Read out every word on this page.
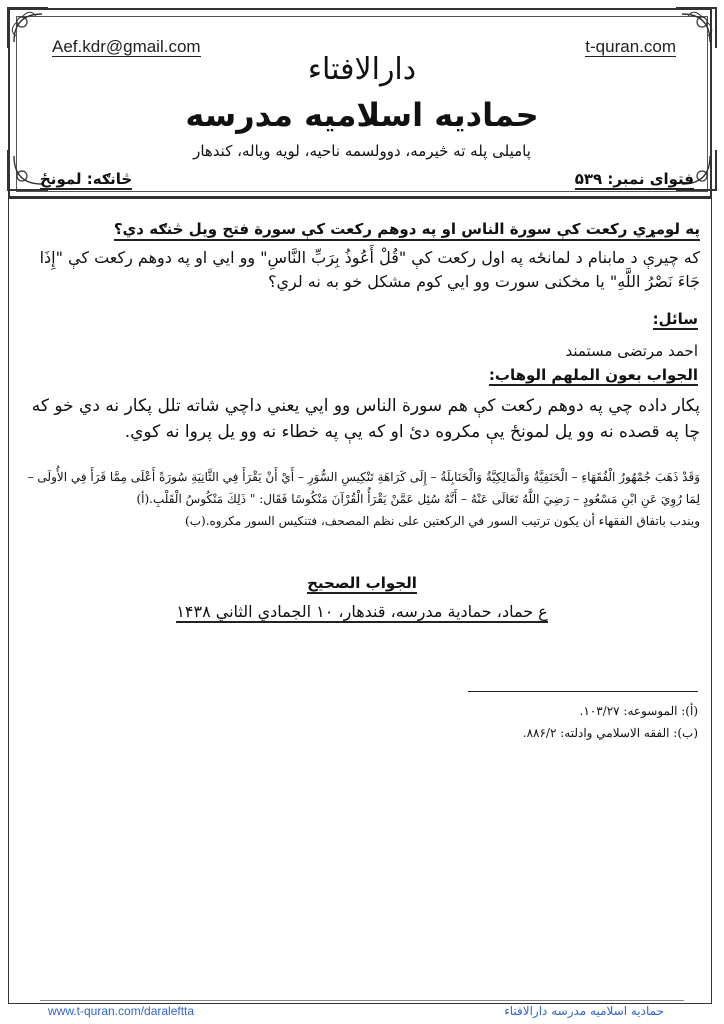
Aef.kdr@gmail.com	t-quran.com
دارالافتاء
حمادیه اسلامیه مدرسه
پامیلی پله ته څیرمه، دوولسمه ناحیه، لویه ویاله، کندهار
فتوای نمبر: ۵۳۹
څانګه: لمونځ
په لومړي رکعت کې سورة الناس او په دوهم رکعت کې سورة فتح ویل څنګه دي؟
که چیرې د مابنام د لمانځه په اول رکعت کې "قُلْ أَعُوذُ بِرَبِّ النَّاسِ" وو ایي او په دوهم رکعت کې "إِذَا جَاءَ نَصْرُ اللَّهِ" یا مخکنی سورت وو ایي کوم مشکل خو به نه لري؟
سائل:
احمد مرتضی مستمند
الجواب بعون الملهم الوهاب:
پکار داده چي په دوهم رکعت کې هم سورة الناس وو ایي یعني داچي شاته تلل پکار نه دي خو که چا په قصده نه وو یل لمونځ یې مکروه دئ او که یې په خطاء نه وو یل پروا نه کوي.
وَقَدْ ذَهَبَ جُمْهُورُ الْفُقَهَاءِ – الْحَنَفِيَّةُ وَالْمَالِكِيَّةُ وَالْحَنَابِلَةُ – إِلَى كَرَاهَةِ تَنْكِيسِ السُّوَرِ – أَيْ أَنْ يَقْرَأَ فِي الثَّانِيَةِ سُورَةً أَعْلَى مِمَّا قَرَأَ فِي الأُولَى – لِمَا رُوِيَ عَنِ ابْنِ مَسْعُودٍ – رَضِيَ اللَّهُ تَعَالَى عَنْهُ – أَنَّهُ سُئِل عَمَّنْ يَقْرَأُ الْقُرْآنَ مَنْكُوسًا فَقَال: " ذَلِكَ مَنْكُوسُ الْقَلْبِ.(أ)
ويندب باتفاق الفقهاء أن يكون ترتيب السور في الركعتين على نظم المصحف، فتنكيس السور مكروه.(ب)
الجواب الصحیح
ع حماد، حمادیة مدرسه، قندهار، ۱۰ الجمادي الثاني ۱۴۳۸
(أ): الموسوعه: ۱۰۳/۲۷.
(ب): الفقه الاسلامي وادلته: ۸۸۶/۲.
www.t-quran.com/daraleftta	حمادیه اسلامیه مدرسه دارالافتاء
